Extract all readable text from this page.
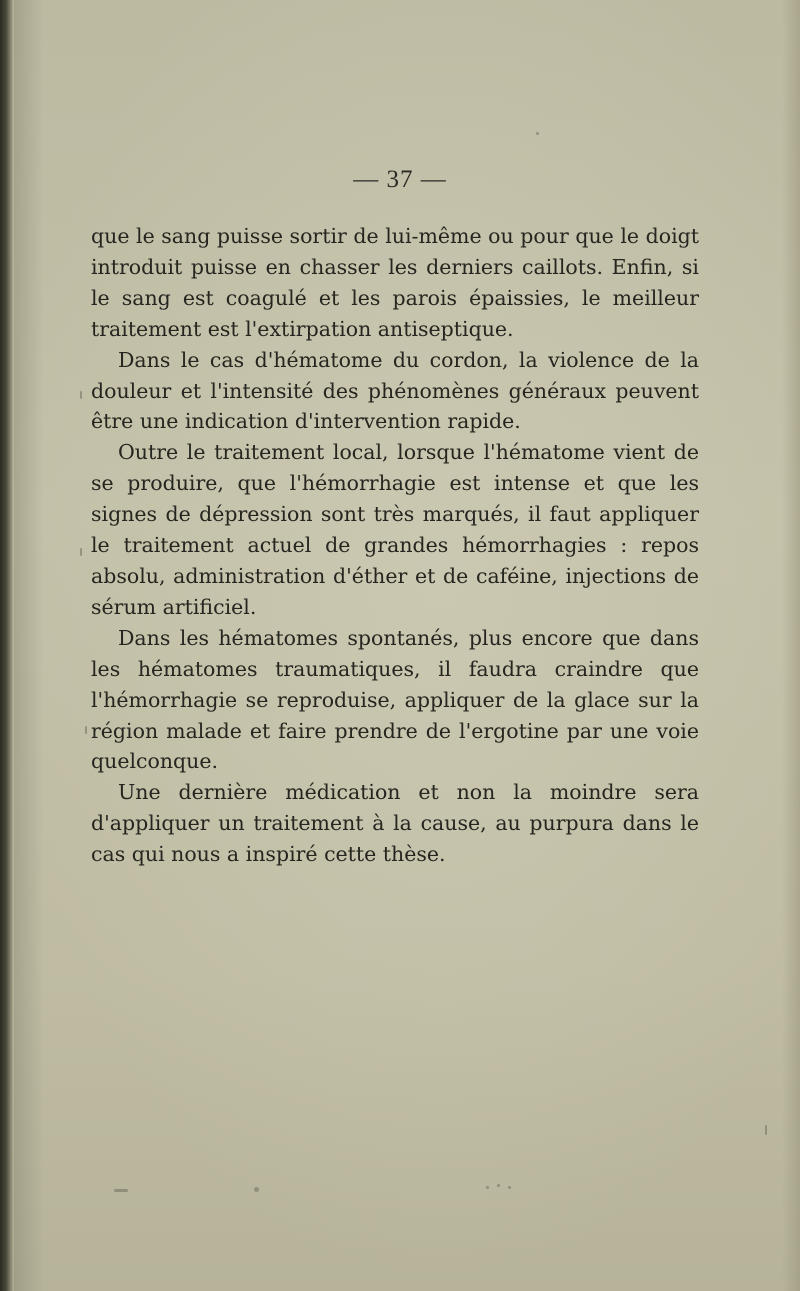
— 37 —

que le sang puisse sortir de lui-même ou pour que le doigt introduit puisse en chasser les derniers caillots. Enfin, si le sang est coagulé et les parois épaissies, le meilleur traitement est l'extirpation antiseptique.

Dans le cas d'hématome du cordon, la violence de la douleur et l'intensité des phénomènes généraux peuvent être une indication d'intervention rapide.

Outre le traitement local, lorsque l'hématome vient de se produire, que l'hémorrhagie est intense et que les signes de dépression sont très marqués, il faut appliquer le traitement actuel de grandes hémorrhagies : repos absolu, administration d'éther et de caféine, injections de sérum artificiel.

Dans les hématomes spontanés, plus encore que dans les hématomes traumatiques, il faudra craindre que l'hémorrhagie se reproduise, appliquer de la glace sur la région malade et faire prendre de l'ergotine par une voie quelconque.

Une dernière médication et non la moindre sera d'appliquer un traitement à la cause, au purpura dans le cas qui nous a inspiré cette thèse.
